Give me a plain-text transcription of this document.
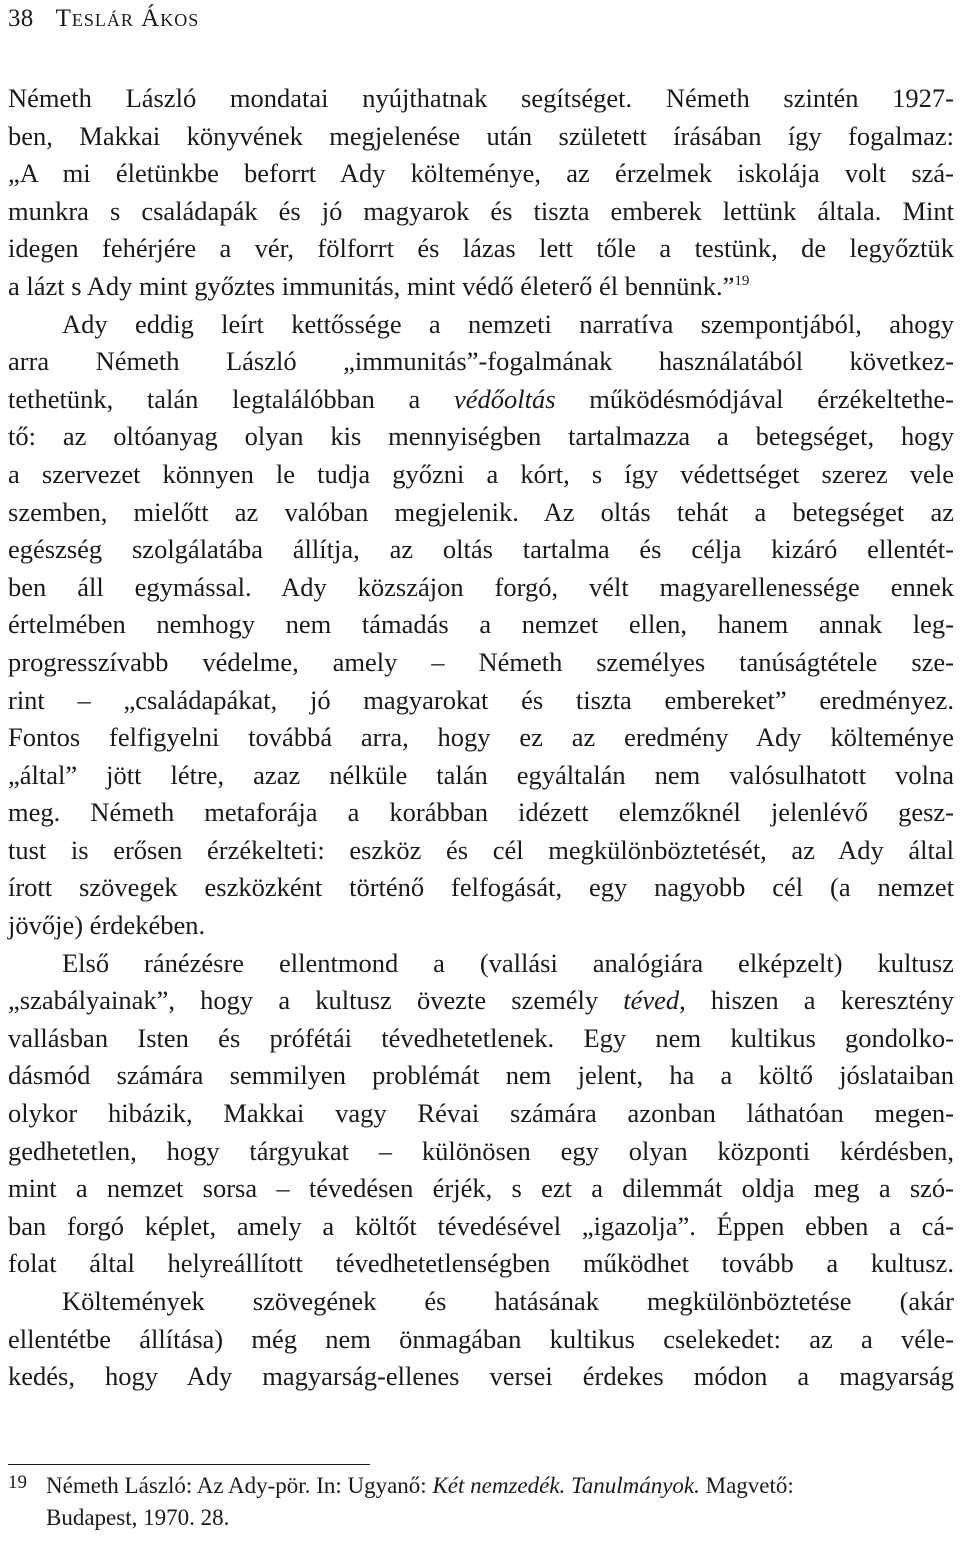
38 Teslár Ákos
Németh László mondatai nyújthatnak segítséget. Németh szintén 1927-
ben, Makkai könyvének megjelenése után született írásában így fogalmaz:
„A mi életünkbe beforrt Ady költeménye, az érzelmek iskolája volt szá-
munkra s családapák és jó magyarok és tiszta emberek lettünk általa. Mint
idegen fehérjére a vér, fölforrt és lázas lett tőle a testünk, de legyőztük
a lázt s Ady mint győztes immunitás, mint védő életerő él bennünk.”$^{19}$
Ady eddig leírt kettőssége a nemzeti narratíva szempontjából, ahogy
arra Németh László „immunitás”-fogalmának használatából következ-
tethetünk, talán legtalálóbban a védőoltás működésmódjával érzékeltethe-
tő: az oltóanyag olyan kis mennyiségben tartalmazza a betegséget, hogy
a szervezet könnyen le tudja győzni a kórt, s így védettséget szerez vele
szemben, mielőtt az valóban megjelenik. Az oltás tehát a betegséget az
egészség szolgálatába állítja, az oltás tartalma és célja kizáró ellentét-
ben áll egymással. Ady közszájon forgó, vélt magyarellenessége ennek
értelmében nemhogy nem támadás a nemzet ellen, hanem annak leg-
progresszívabb védelme, amely – Németh személyes tanúságtétele sze-
rint – „családapákat, jó magyarokat és tiszta embereket” eredményez.
Fontos felfigyelni továbbá arra, hogy ez az eredmény Ady költeménye
„által” jött létre, azaz nélküle talán egyáltalán nem valósulhatott volna
meg. Németh metaforája a korábban idézett elemzőknél jelenlévő gesz-
tust is erősen érzékelteti: eszköz és cél megkülönböztetését, az Ady által
írott szövegek eszközként történő felfogását, egy nagyobb cél (a nemzet
jövője) érdekében.
Első ránézésre ellentmond a (vallási analógiára elképzelt) kultusz
„szabályainak”, hogy a kultusz övezte személy téved, hiszen a keresztény
vallásban Isten és prófétái tévedhetetlenek. Egy nem kultikus gondolko-
dásmód számára semmilyen problémát nem jelent, ha a költő jóslataiban
olykor hibázik, Makkai vagy Révai számára azonban láthatóan megen-
gedhetetlen, hogy tárgyukat – különösen egy olyan központi kérdésben,
mint a nemzet sorsa – tévedésen érjék, s ezt a dilemmát oldja meg a szó-
ban forgó képlet, amely a költőt tévedésével „igazolja”. Éppen ebben a cá-
folat által helyreállított tévedhetetlenségben működhet tovább a kultusz.
Költemények szövegének és hatásának megkülönböztetése (akár
ellentétbe állítása) még nem önmagában kultikus cselekedet: az a véle-
kedés, hogy Ady magyarság-ellenes versei érdekes módon a magyarság
19 Németh László: Az Ady-pör. In: Ugyanő: Két nemzedék. Tanulmányok. Magvető:
Budapest, 1970. 28.
